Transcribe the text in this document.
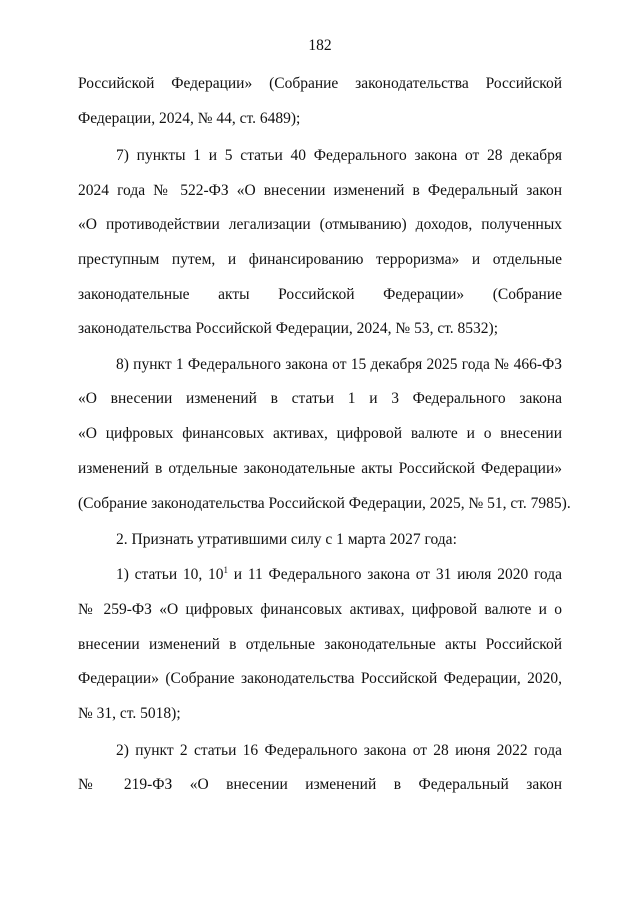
182
Российской Федерации» (Собрание законодательства Российской
Федерации, 2024, № 44, ст. 6489);
7) пункты 1 и 5 статьи 40 Федерального закона от 28 декабря
2024 года № 522-ФЗ «О внесении изменений в Федеральный закон
«О противодействии легализации (отмыванию) доходов, полученных
преступным путем, и финансированию терроризма» и отдельные
законодательные акты Российской Федерации» (Собрание
законодательства Российской Федерации, 2024, № 53, ст. 8532);
8) пункт 1 Федерального закона от 15 декабря 2025 года № 466-ФЗ
«О внесении изменений в статьи 1 и 3 Федерального закона
«О цифровых финансовых активах, цифровой валюте и о внесении
изменений в отдельные законодательные акты Российской Федерации»
(Собрание законодательства Российской Федерации, 2025, № 51, ст. 7985).
2. Признать утратившими силу с 1 марта 2027 года:
1) статьи 10, $10^1$ и 11 Федерального закона от 31 июля 2020 года
№ 259-ФЗ «О цифровых финансовых активах, цифровой валюте и о
внесении изменений в отдельные законодательные акты Российской
Федерации» (Собрание законодательства Российской Федерации, 2020,
№ 31, ст. 5018);
2) пункт 2 статьи 16 Федерального закона от 28 июня 2022 года
№ 219-ФЗ «О внесении изменений в Федеральный закон
